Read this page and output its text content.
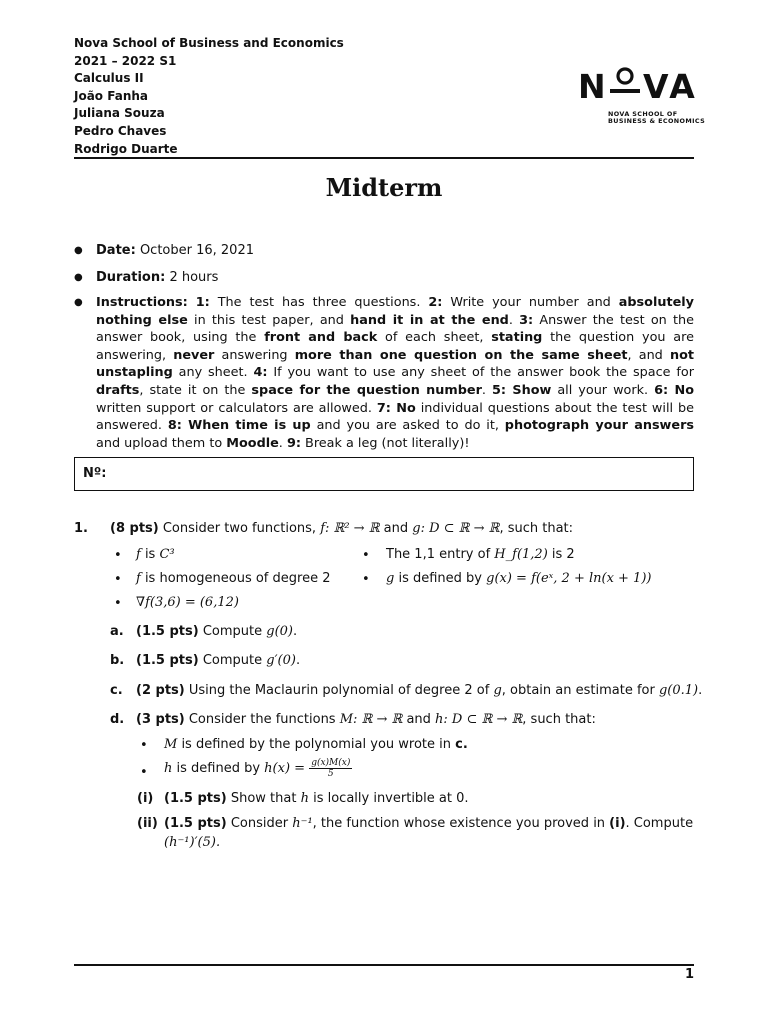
Nova School of Business and Economics
2021 – 2022 S1
Calculus II
João Fanha
Juliana Souza
Pedro Chaves
Rodrigo Duarte
N VA
NOVA SCHOOL OF
BUSINESS & ECONOMICS
Midterm
● Date: October 16, 2021
● Duration: 2 hours
● Instructions: 1: The test has three questions. 2: Write your number and absolutely nothing else in this test paper, and hand it in at the end. 3: Answer the test on the answer book, using the front and back of each sheet, stating the question you are answering, never answering more than one question on the same sheet, and not unstapling any sheet. 4: If you want to use any sheet of the answer book the space for drafts, state it on the space for the question number. 5: Show all your work. 6: No written support or calculators are allowed. 7: No individual questions about the test will be answered. 8: When time is up and you are asked to do it, photograph your answers and upload them to Moodle. 9: Break a leg (not literally)!
Nº:
1. (8 pts) Consider two functions, f: ℝ² → ℝ and g: D ⊂ ℝ → ℝ, such that:
• f is C³
• f is homogeneous of degree 2
• ∇f(3,6) = (6,12)
• The 1,1 entry of H_f(1,2) is 2
• g is defined by g(x) = f(eˣ, 2 + ln(x + 1))
a. (1.5 pts) Compute g(0).
b. (1.5 pts) Compute g′(0).
c. (2 pts) Using the Maclaurin polynomial of degree 2 of g, obtain an estimate for g(0.1).
d. (3 pts) Consider the functions M: ℝ → ℝ and h: D ⊂ ℝ → ℝ, such that:
• M is defined by the polynomial you wrote in c.
• h is defined by $h(x) = \frac{g(x)M(x)}{5}$
(i) (1.5 pts) Show that h is locally invertible at 0.
(ii) (1.5 pts) Consider h⁻¹, the function whose existence you proved in (i). Compute
(h⁻¹)′(5).
1
